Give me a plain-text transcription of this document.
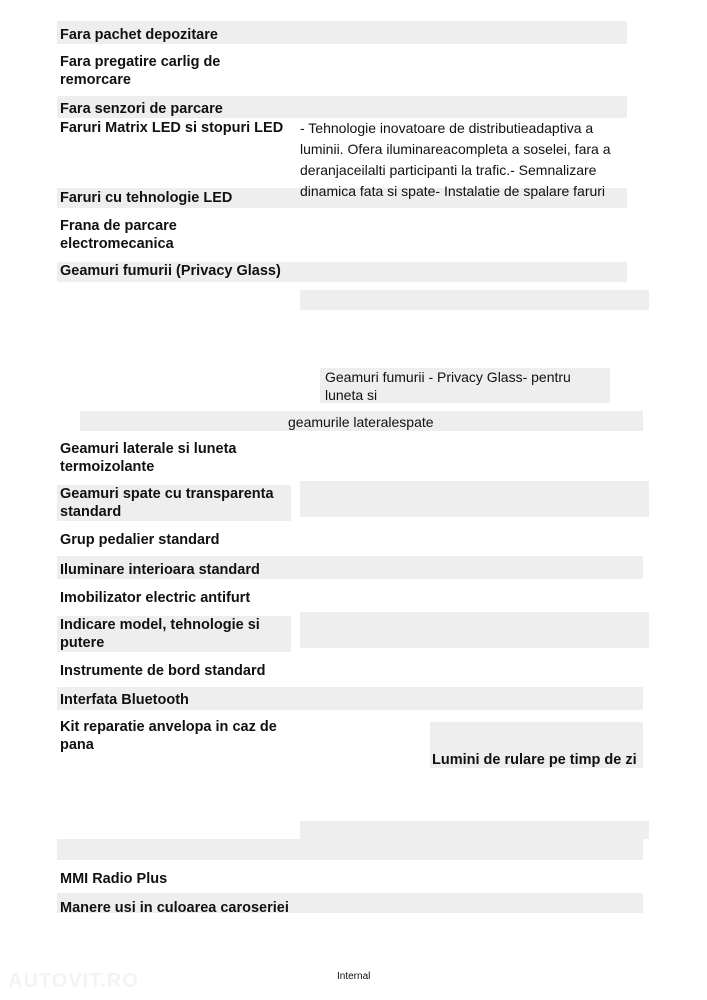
Fara pachet depozitare
Fara pregatire carlig de remorcare
Fara senzori de parcare
Faruri Matrix LED si stopuri LED	- Tehnologie inovatoare de distributieadaptiva a luminii. Ofera iluminareacompleta a soselei, fara a deranjaceilalti participanti la trafic.- Semnalizare dinamica fata si spate- Instalatie de spalare faruri
Faruri cu tehnologie LED
Frana de parcare electromecanica
Geamuri fumurii (Privacy Glass)
Geamuri fumurii - Privacy Glass- pentru luneta si
geamurile lateralespate
Geamuri laterale si luneta termoizolante
Geamuri spate cu transparenta standard
Grup pedalier standard
Iluminare interioara standard
Imobilizator electric antifurt
Indicare model, tehnologie si putere
Instrumente de bord standard
Interfata Bluetooth
Kit reparatie anvelopa in caz de pana
Lumini de rulare pe timp de zi
MMI Radio Plus
Manere usi in culoarea caroseriei
AUTOVIT.RO	Internal
